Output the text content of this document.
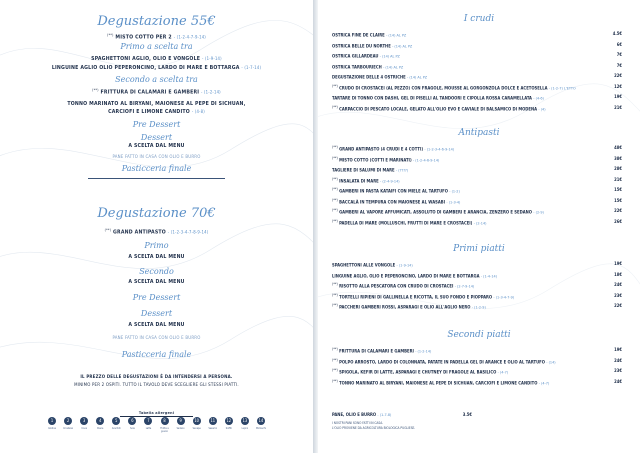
Degustazione 55€
(**) MISTO COTTO PER 2 - (1-2-4-7-9-14)
Primo a scelta tra
SPAGHETTONI AGLIO, OLIO E VONGOLE - (1-9-14)
LINGUINE AGLIO OLIO PEPERONCINO, LARDO DI MARE E BOTTARGA - (1-7-14)
Secondo a scelta tra
(**) FRITTURA DI CALAMARI E GAMBERI - (1-2-14)
TONNO MARINATO AL BIRYANI, MAIONESE AL PEPE DI SICHUAN,
CARCIOFI E LIMONE CANDITO - (4-8)
Pre Dessert
Dessert
A SCELTA DAL MENU
PANE FATTO IN CASA CON OLIO E BURRO
Pasticceria finale
Degustazione 70€
(**) GRAND ANTIPASTO - (1-2-3-4-7-8-9-14)
Primo
A SCELTA DAL MENU
Secondo
A SCELTA DAL MENU
Pre Dessert
Dessert
A SCELTA DAL MENU
PANE FATTO IN CASA CON OLIO E BURRO
Pasticceria finale
IL PREZZO DELLE DEGUSTAZIONI È DA INTENDERSI A PERSONA.
MINIMO PER 2 OSPITI. TUTTO IL TAVOLO DEVE SCEGLIERE GLI STESSI PIATTI.
Tabella allergeni
1
Glutine
2
Crostacei
3
Uova
4
Pesce
5
Arachidi
6
Soia
7
Latte
8
Frutta a guscio
9
Sedano
10
Senape
11
Sesamo
12
Solfiti
13
Lupini
14
Molluschi
I crudi
OSTRICA FINE DE CLAIRE - (14) AL PZ	4.5€
OSTRICA BELLE DU NORTHE - (14) AL PZ	6€
OSTRICA GILLARDEAU - (14) AL PZ	7€
OSTRICA TARBOURIECH - (14) AL PZ	7€
DEGUSTAZIONE DELLE 4 OSTRICHE - (14) AL PZ	22€
(**) CRUDO DI CROSTACEI (AL PEZZO) CON FRAGOLE, MOUSSE AL GORGONZOLA DOLCE E ACETOSELLA - (1-2-7) L'ETTO	12€
TARTARE DI TONNO CON DASHI, GEL DI PISELLI AL TANDOORI E CIPOLLA ROSSA CARAMELLATA - (4-6)	19€
(**) CARPACCIO DI PESCATO LOCALE, GELATO ALL'OLIO EVO E CAVIALE DI BALSAMICO DI MODENA - (4)	21€
Antipasti
(**) GRAND ANTIPASTO (4 CRUDI E 4 COTTI) - (1-2-3-4-6-9-14)	48€
(**) MISTO COTTO (COTTI E MARINATI) - (1-2-4-6-9-14)	38€
TAGLIERE DI SALUMI DI MARE - (????)	28€
(**) INSALATA DI MARE - (2-4-9-14)	21€
(**) GAMBERI IN PASTA KATAIFI CON MIELE AL TARTUFO - (1-2)	15€
(**) BACCALÀ IN TEMPURA CON MAIONESE AL WASABI - (1-3-4)	15€
(**) GAMBERI AL VAPORE AFFUMICATI, ASSOLUTO DI GAMBERI E ARANCIA, ZENZERO E SEDANO - (2-9)	22€
(**) PADELLA DI MARE (MOLLUSCHI, FRUTTI DI MARE E CROSTACEI) - (2-14)	26€
Primi piatti
SPAGHETTONI ALLE VONGOLE - (1-9-14)	19€
LINGUINE AGLIO, OLIO E PEPERONCINO, LARDO DI MARE E BOTTARGA - (1-4-14)	18€
(**) RISOTTO ALLA PESCATORA CON CRUDO DI CROSTACEI - (2-7-9-14)	24€
(**) TORTELLI RIPIENI DI GALLINELLA E RICOTTA, IL SUO FONDO E PIOPPARO - (1-3-4-7-9)	23€
(**) PACCHERI GAMBERI ROSSI, ASPARAGI E OLIO ALL'AGLIO NERO - (1-2-9)	22€
Secondi piatti
(**) FRITTURA DI CALAMARI E GAMBERI - (1-2-14)	19€
(**) POLPO ARROSTO, LARDO DI COLONNATA, PATATE IN PADELLA GEL DI ARANCE E OLIO AL TARTUFO - (14)	24€
(**) SPIGOLA, KEFIR DI LATTE, ASPARAGI E CHUTNEY DI FRAGOLE AL BASILICO - (4-7)	23€
(**) TONNO MARINATO AL BIRYANI, MAIONESE AL PEPE DI SICHUAN, CARCIOFI E LIMONE CANDITO - (4-7)	24€
PANE, OLIO E BURRO - (1-7-8)	3.5€
I NOSTRI PANI SONO FATTI IN CASA.
L'OLIO PROVIENE DA AGRICOLTURA BIOLOGICA PUGLIESE.
